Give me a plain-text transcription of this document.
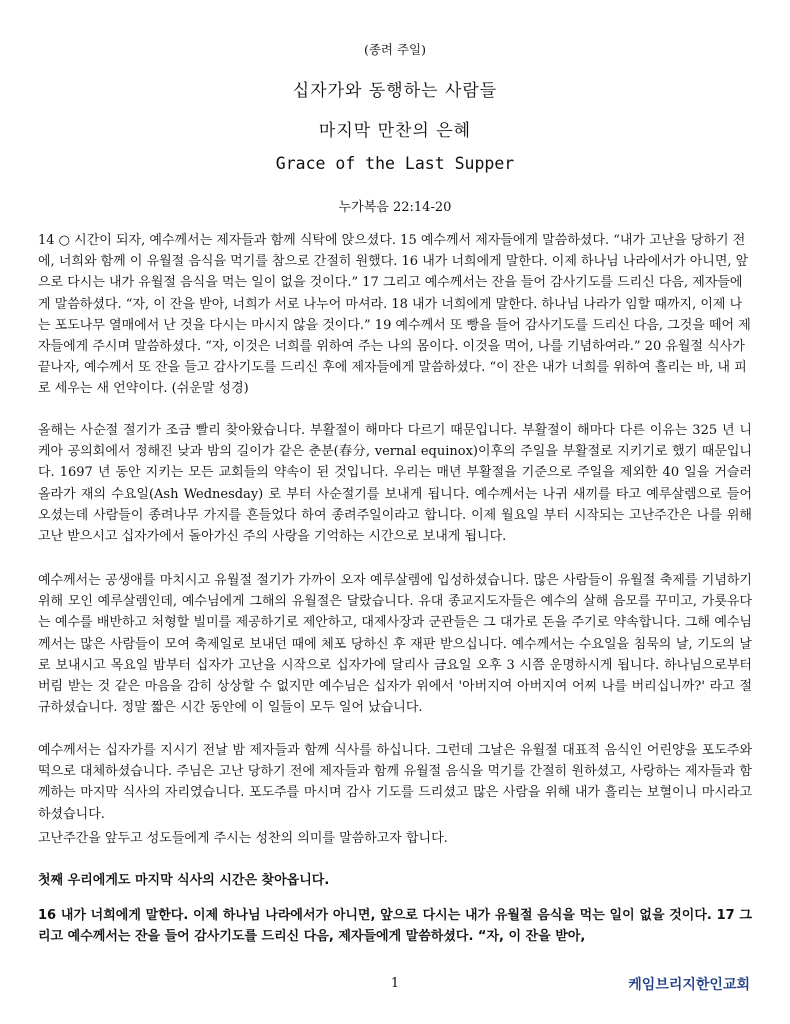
(종려 주일)
십자가와 동행하는 사람들
마지막 만찬의 은혜
Grace of the Last Supper
누가복음 22:14-20

14 ○ 시간이 되자, 예수께서는 제자들과 함께 식탁에 앉으셨다. 15 예수께서 제자들에게 말씀하셨다. “내가 고난을 당하기 전에, 너희와 함께 이 유월절 음식을 먹기를 참으로 간절히 원했다. 16 내가 너희에게 말한다. 이제 하나님 나라에서가 아니면, 앞으로 다시는 내가 유월절 음식을 먹는 일이 없을 것이다.” 17 그리고 예수께서는 잔을 들어 감사기도를 드리신 다음, 제자들에게 말씀하셨다. “자, 이 잔을 받아, 너희가 서로 나누어 마셔라. 18 내가 너희에게 말한다. 하나님 나라가 임할 때까지, 이제 나는 포도나무 열매에서 난 것을 다시는 마시지 않을 것이다.” 19 예수께서 또 빵을 들어 감사기도를 드리신 다음, 그것을 떼어 제자들에게 주시며 말씀하셨다. “자, 이것은 너희를 위하여 주는 나의 몸이다. 이것을 먹어, 나를 기념하여라.” 20 유월절 식사가 끝나자, 예수께서 또 잔을 들고 감사기도를 드리신 후에 제자들에게 말씀하셨다. “이 잔은 내가 너희를 위하여 흘리는 바, 내 피로 세우는 새 언약이다. (쉬운말 성경)

올해는 사순절 절기가 조금 빨리 찾아왔습니다. 부활절이 해마다 다르기 때문입니다. 부활절이 해마다 다른 이유는 325 년 니케아 공의회에서 정해진 낮과 밤의 길이가 같은 춘분(春分, vernal equinox)이후의 주일을 부활절로 지키기로 했기 때문입니다. 1697 년 동안 지키는 모든 교회들의 약속이 된 것입니다. 우리는 매년 부활절을 기준으로 주일을 제외한 40 일을 거슬러 올라가 재의 수요일(Ash Wednesday) 로 부터 사순절기를 보내게 됩니다. 예수께서는 나귀 새끼를 타고 예루살렘으로 들어 오셨는데 사람들이 종려나무 가지를 흔들었다 하여 종려주일이라고 합니다. 이제 월요일 부터 시작되는 고난주간은 나를 위해 고난 받으시고 십자가에서 돌아가신 주의 사랑을 기억하는 시간으로 보내게 됩니다.

예수께서는 공생애를 마치시고 유월절 절기가 가까이 오자 예루살렘에 입성하셨습니다. 많은 사람들이 유월절 축제를 기념하기 위해 모인 예루살렘인데, 예수님에게 그해의 유월절은 달랐습니다. 유대 종교지도자들은 예수의 살해 음모를 꾸미고, 가룟유다는 예수를 배반하고 처형할 빌미를 제공하기로 제안하고, 대제사장과 군관들은 그 대가로 돈을 주기로 약속합니다. 그해 예수님께서는 많은 사람들이 모여 축제일로 보내던 때에 체포 당하신 후 재판 받으십니다. 예수께서는 수요일을 침묵의 날, 기도의 날로 보내시고 목요일 밤부터 십자가 고난을 시작으로 십자가에 달리사 금요일 오후 3 시쯤 운명하시게 됩니다. 하나님으로부터 버림 받는 것 같은 마음을 감히 상상할 수 없지만 예수님은 십자가 위에서 '아버지여 아버지여 어찌 나를 버리십니까?' 라고 절규하셨습니다. 정말 짧은 시간 동안에 이 일들이 모두 일어 났습니다.

예수께서는 십자가를 지시기 전날 밤 제자들과 함께 식사를 하십니다. 그런데 그날은 유월절 대표적 음식인 어린양을 포도주와 떡으로 대체하셨습니다. 주님은 고난 당하기 전에 제자들과 함께 유월절 음식을 먹기를 간절히 원하셨고, 사랑하는 제자들과 함께하는 마지막 식사의 자리였습니다. 포도주를 마시며 감사 기도를 드리셨고 많은 사람을 위해 내가 흘리는 보혈이니 마시라고 하셨습니다.

고난주간을 앞두고 성도들에게 주시는 성찬의 의미를 말씀하고자 합니다.

첫째 우리에게도 마지막 식사의 시간은 찾아옵니다.

16 내가 너희에게 말한다. 이제 하나님 나라에서가 아니면, 앞으로 다시는 내가 유월절 음식을 먹는 일이 없을 것이다. 17 그리고 예수께서는 잔을 들어 감사기도를 드리신 다음, 제자들에게 말씀하셨다. “자, 이 잔을 받아,

1	케임브리지한인교회
